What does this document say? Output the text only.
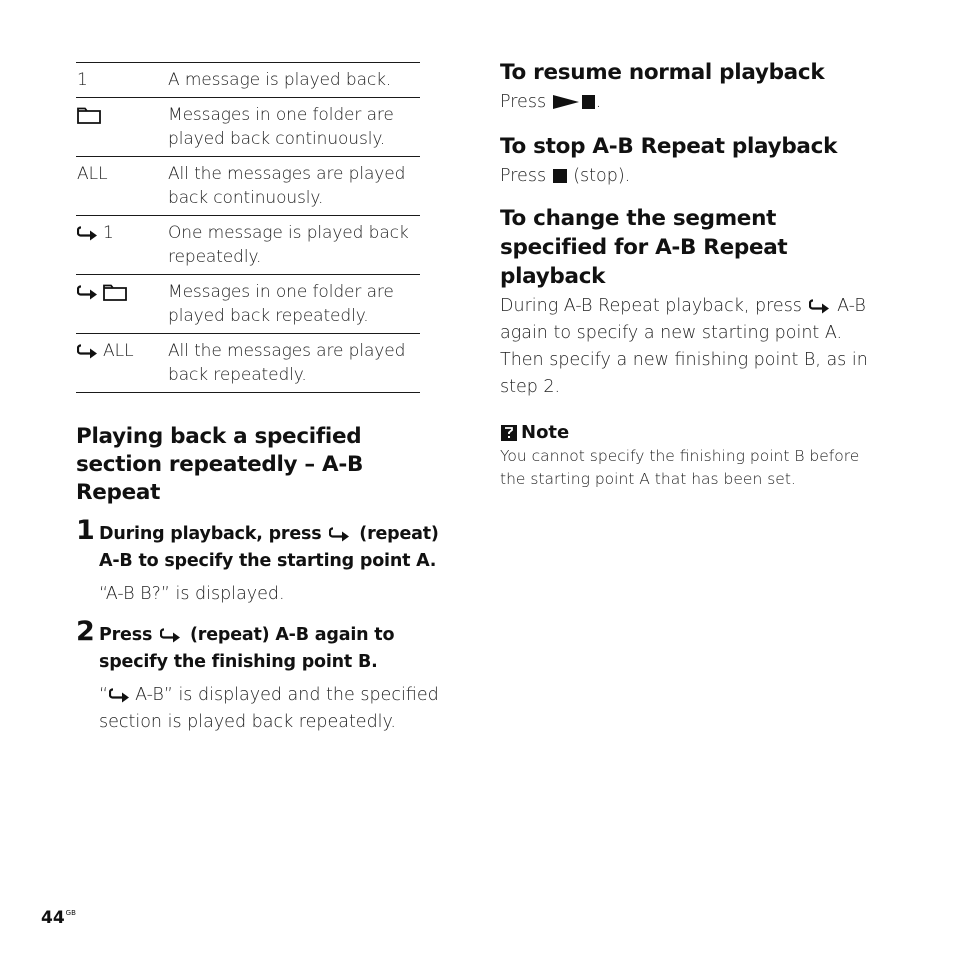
1	A message is played back.

	Messages in one folder are played back continuously.

ALL	All the messages are played back continuously.

1	One message is played back repeatedly.

	Messages in one folder are played back repeatedly.

ALL	All the messages are played back repeatedly.
Playing back a specified section repeatedly – A-B Repeat
1 During playback, press (repeat) A-B to specify the starting point A.
“A-B B?” is displayed.
2 Press (repeat) A-B again to specify the finishing point B.
“ A-B” is displayed and the specified section is played back repeatedly.
To resume normal playback

Press	.

To stop A-B Repeat playback

Press (stop).

To change the segment specified for A-B Repeat playback

During A-B Repeat playback, press A-B again to specify a new starting point A. Then specify a new finishing point B, as in step 2.

Note
You cannot specify the finishing point B before the starting point A that has been set.
$44^{GB}$
